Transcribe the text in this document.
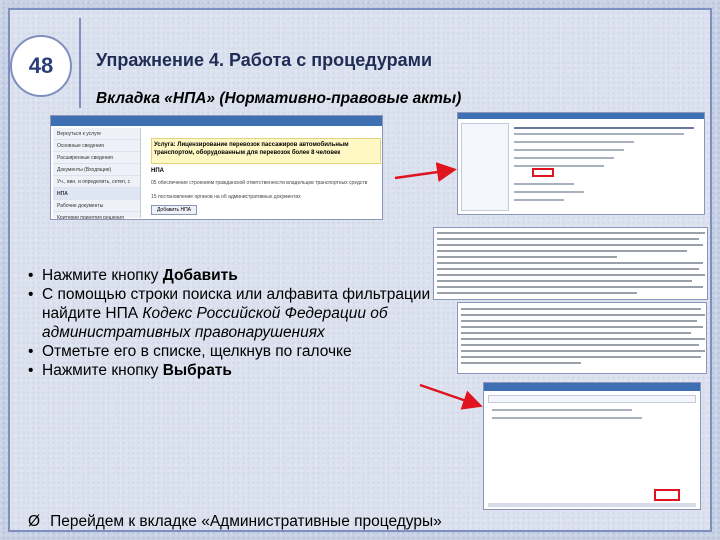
48	Упражнение 4. Работа с процедурами
Вкладка «НПА» (Нормативно-правовые акты)
Вернуться к услуге
Основные сведения
Расширенные сведения
Документы (Входящие)
Уч., вин. и определить, сетеп, с
НПА
Рабочие документы
Критерии принятия решения
Услуга: Лицензирование перевозок пассажиров автомобильным транспортом, оборудованным для перевозок более 8 человек
НПА
05 обеспечение строением гражданской ответственности владельцев транспортных средств
15 постановление органов на об административных документах
Добавить НПА
• Нажмите кнопку Добавить
• С помощью строки поиска или алфавита фильтрации найдите НПА Кодекс Российской Федерации об административных правонарушениях
• Отметьте его в списке, щелкнув по галочке
• Нажмите кнопку Выбрать
Ø Перейдем к вкладке «Административные процедуры»
